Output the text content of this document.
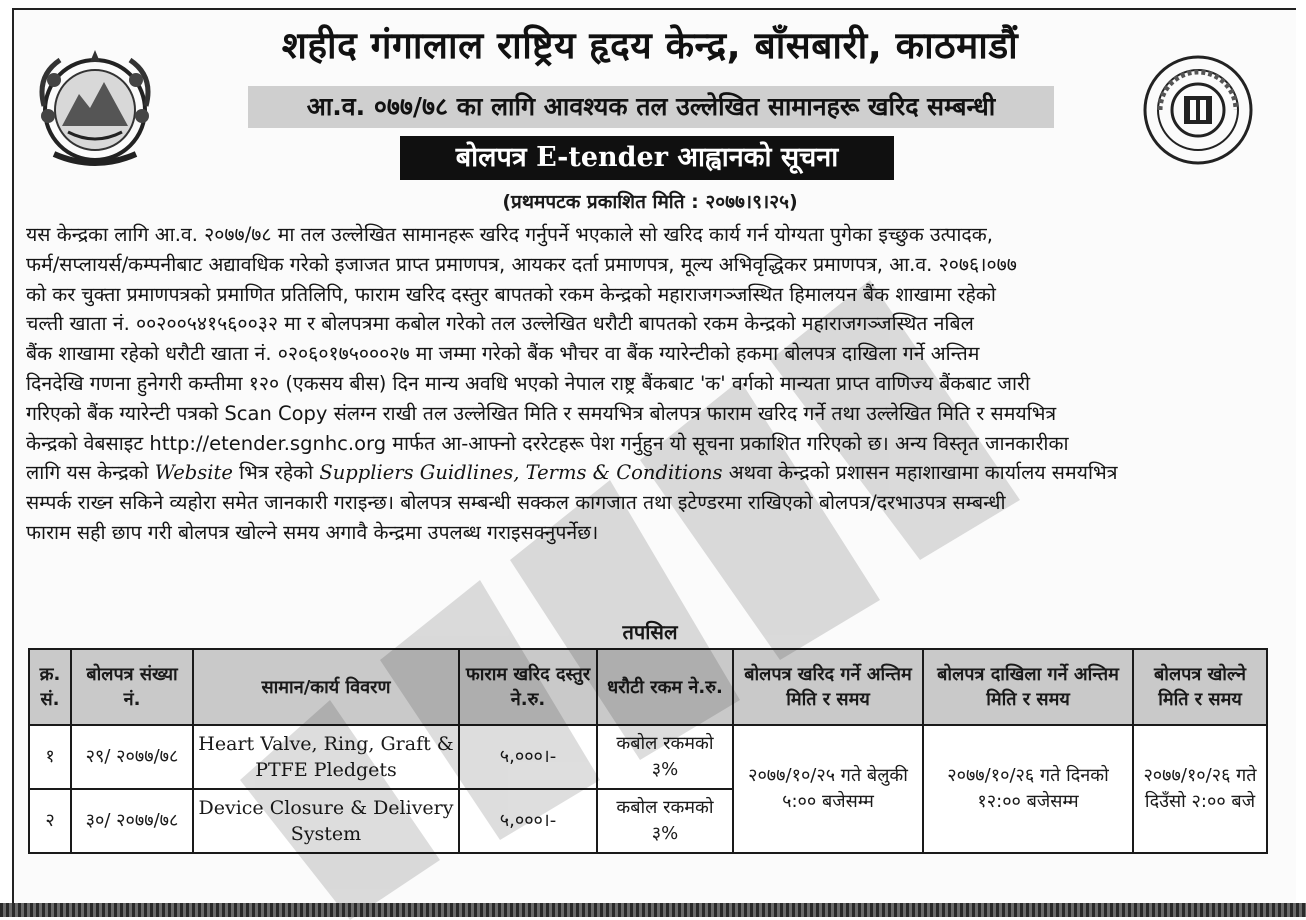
शहीद गंगालाल राष्ट्रिय हृदय केन्द्र, बाँसबारी, काठमाडौं
आ.व. ०७७/७८ का लागि आवश्यक तल उल्लेखित सामानहरू खरिद सम्बन्धी
बोलपत्र E-tender आह्वानको सूचना
(प्रथमपटक प्रकाशित मिति : २०७७।९।२५)
यस केन्द्रका लागि आ.व. २०७७/७८ मा तल उल्लेखित सामानहरू खरिद गर्नुपर्ने भएकाले सो खरिद कार्य गर्न योग्यता पुगेका इच्छुक उत्पादक,
फर्म/सप्लायर्स/कम्पनीबाट अद्यावधिक गरेको इजाजत प्राप्त प्रमाणपत्र, आयकर दर्ता प्रमाणपत्र, मूल्य अभिवृद्धिकर प्रमाणपत्र, आ.व. २०७६।०७७
को कर चुक्ता प्रमाणपत्रको प्रमाणित प्रतिलिपि, फाराम खरिद दस्तुर बापतको रकम केन्द्रको महाराजगञ्जस्थित हिमालयन बैंक शाखामा रहेको
चल्ती खाता नं. ००२००५४१५६००३२ मा र बोलपत्रमा कबोल गरेको तल उल्लेखित धरौटी बापतको रकम केन्द्रको महाराजगञ्जस्थित नबिल
बैंक शाखामा रहेको धरौटी खाता नं. ०२०६०१७५०००२७ मा जम्मा गरेको बैंक भौचर वा बैंक ग्यारेन्टीको हकमा बोलपत्र दाखिला गर्ने अन्तिम
दिनदेखि गणना हुनेगरी कम्तीमा १२० (एकसय बीस) दिन मान्य अवधि भएको नेपाल राष्ट्र बैंकबाट 'क' वर्गको मान्यता प्राप्त वाणिज्य बैंकबाट जारी
गरिएको बैंक ग्यारेन्टी पत्रको Scan Copy संलग्न राखी तल उल्लेखित मिति र समयभित्र बोलपत्र फाराम खरिद गर्ने तथा उल्लेखित मिति र समयभित्र
केन्द्रको वेबसाइट http://etender.sgnhc.org मार्फत आ-आफ्नो दररेटहरू पेश गर्नुहुन यो सूचना प्रकाशित गरिएको छ। अन्य विस्तृत जानकारीका
लागि यस केन्द्रको Website भित्र रहेको Suppliers Guidlines, Terms & Conditions अथवा केन्द्रको प्रशासन महाशाखामा कार्यालय समयभित्र
सम्पर्क राख्न सकिने व्यहोरा समेत जानकारी गराइन्छ। बोलपत्र सम्बन्धी सक्कल कागजात तथा इटेण्डरमा राखिएको बोलपत्र/दरभाउपत्र सम्बन्धी
फाराम सही छाप गरी बोलपत्र खोल्ने समय अगावै केन्द्रमा उपलब्ध गराइसक्नुपर्नेछ।
तपसिल
क्र. सं.	बोलपत्र संख्या नं.	सामान/कार्य विवरण	फाराम खरिद दस्तुर ने.रु.	धरौटी रकम ने.रु.	बोलपत्र खरिद गर्ने अन्तिम मिति र समय	बोलपत्र दाखिला गर्ने अन्तिम मिति र समय	बोलपत्र खोल्ने मिति र समय
१	२९/ २०७७/७८	Heart Valve, Ring, Graft & PTFE Pledgets	५,०००।-	कबोल रकमको ३%	२०७७/१०/२५ गते बेलुकी ५:०० बजेसम्म	२०७७/१०/२६ गते दिनको १२:०० बजेसम्म	२०७७/१०/२६ गते दिउँसो २:०० बजे
२	३०/ २०७७/७८	Device Closure & Delivery System	५,०००।-	कबोल रकमको ३%			
